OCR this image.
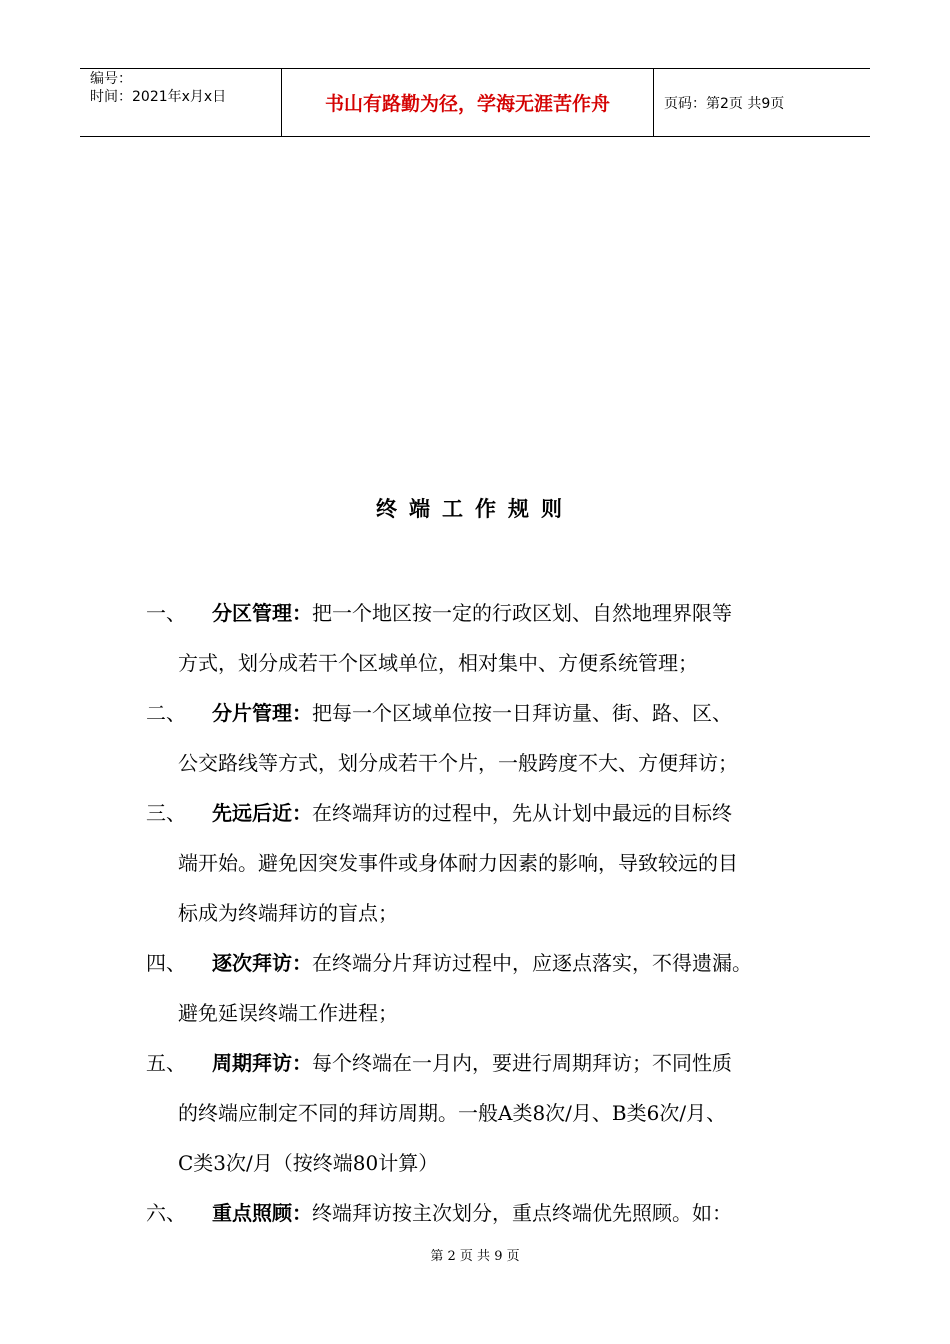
编号：
时间：2021年x月x日	书山有路勤为径，学海无涯苦作舟	页码：第2页 共9页
终端工作规则
一、 分区管理：把一个地区按一定的行政区划、自然地理界限等
方式，划分成若干个区域单位，相对集中、方便系统管理；
二、 分片管理：把每一个区域单位按一日拜访量、街、路、区、
公交路线等方式，划分成若干个片，一般跨度不大、方便拜访；
三、 先远后近：在终端拜访的过程中，先从计划中最远的目标终
端开始。避免因突发事件或身体耐力因素的影响，导致较远的目
标成为终端拜访的盲点；
四、 逐次拜访：在终端分片拜访过程中，应逐点落实，不得遗漏。
避免延误终端工作进程；
五、 周期拜访：每个终端在一月内，要进行周期拜访；不同性质
的终端应制定不同的拜访周期。一般A类8次/月、B类6次/月、
C类3次/月（按终端80计算）
六、 重点照顾：终端拜访按主次划分，重点终端优先照顾。如：
第 2 页 共 9 页
